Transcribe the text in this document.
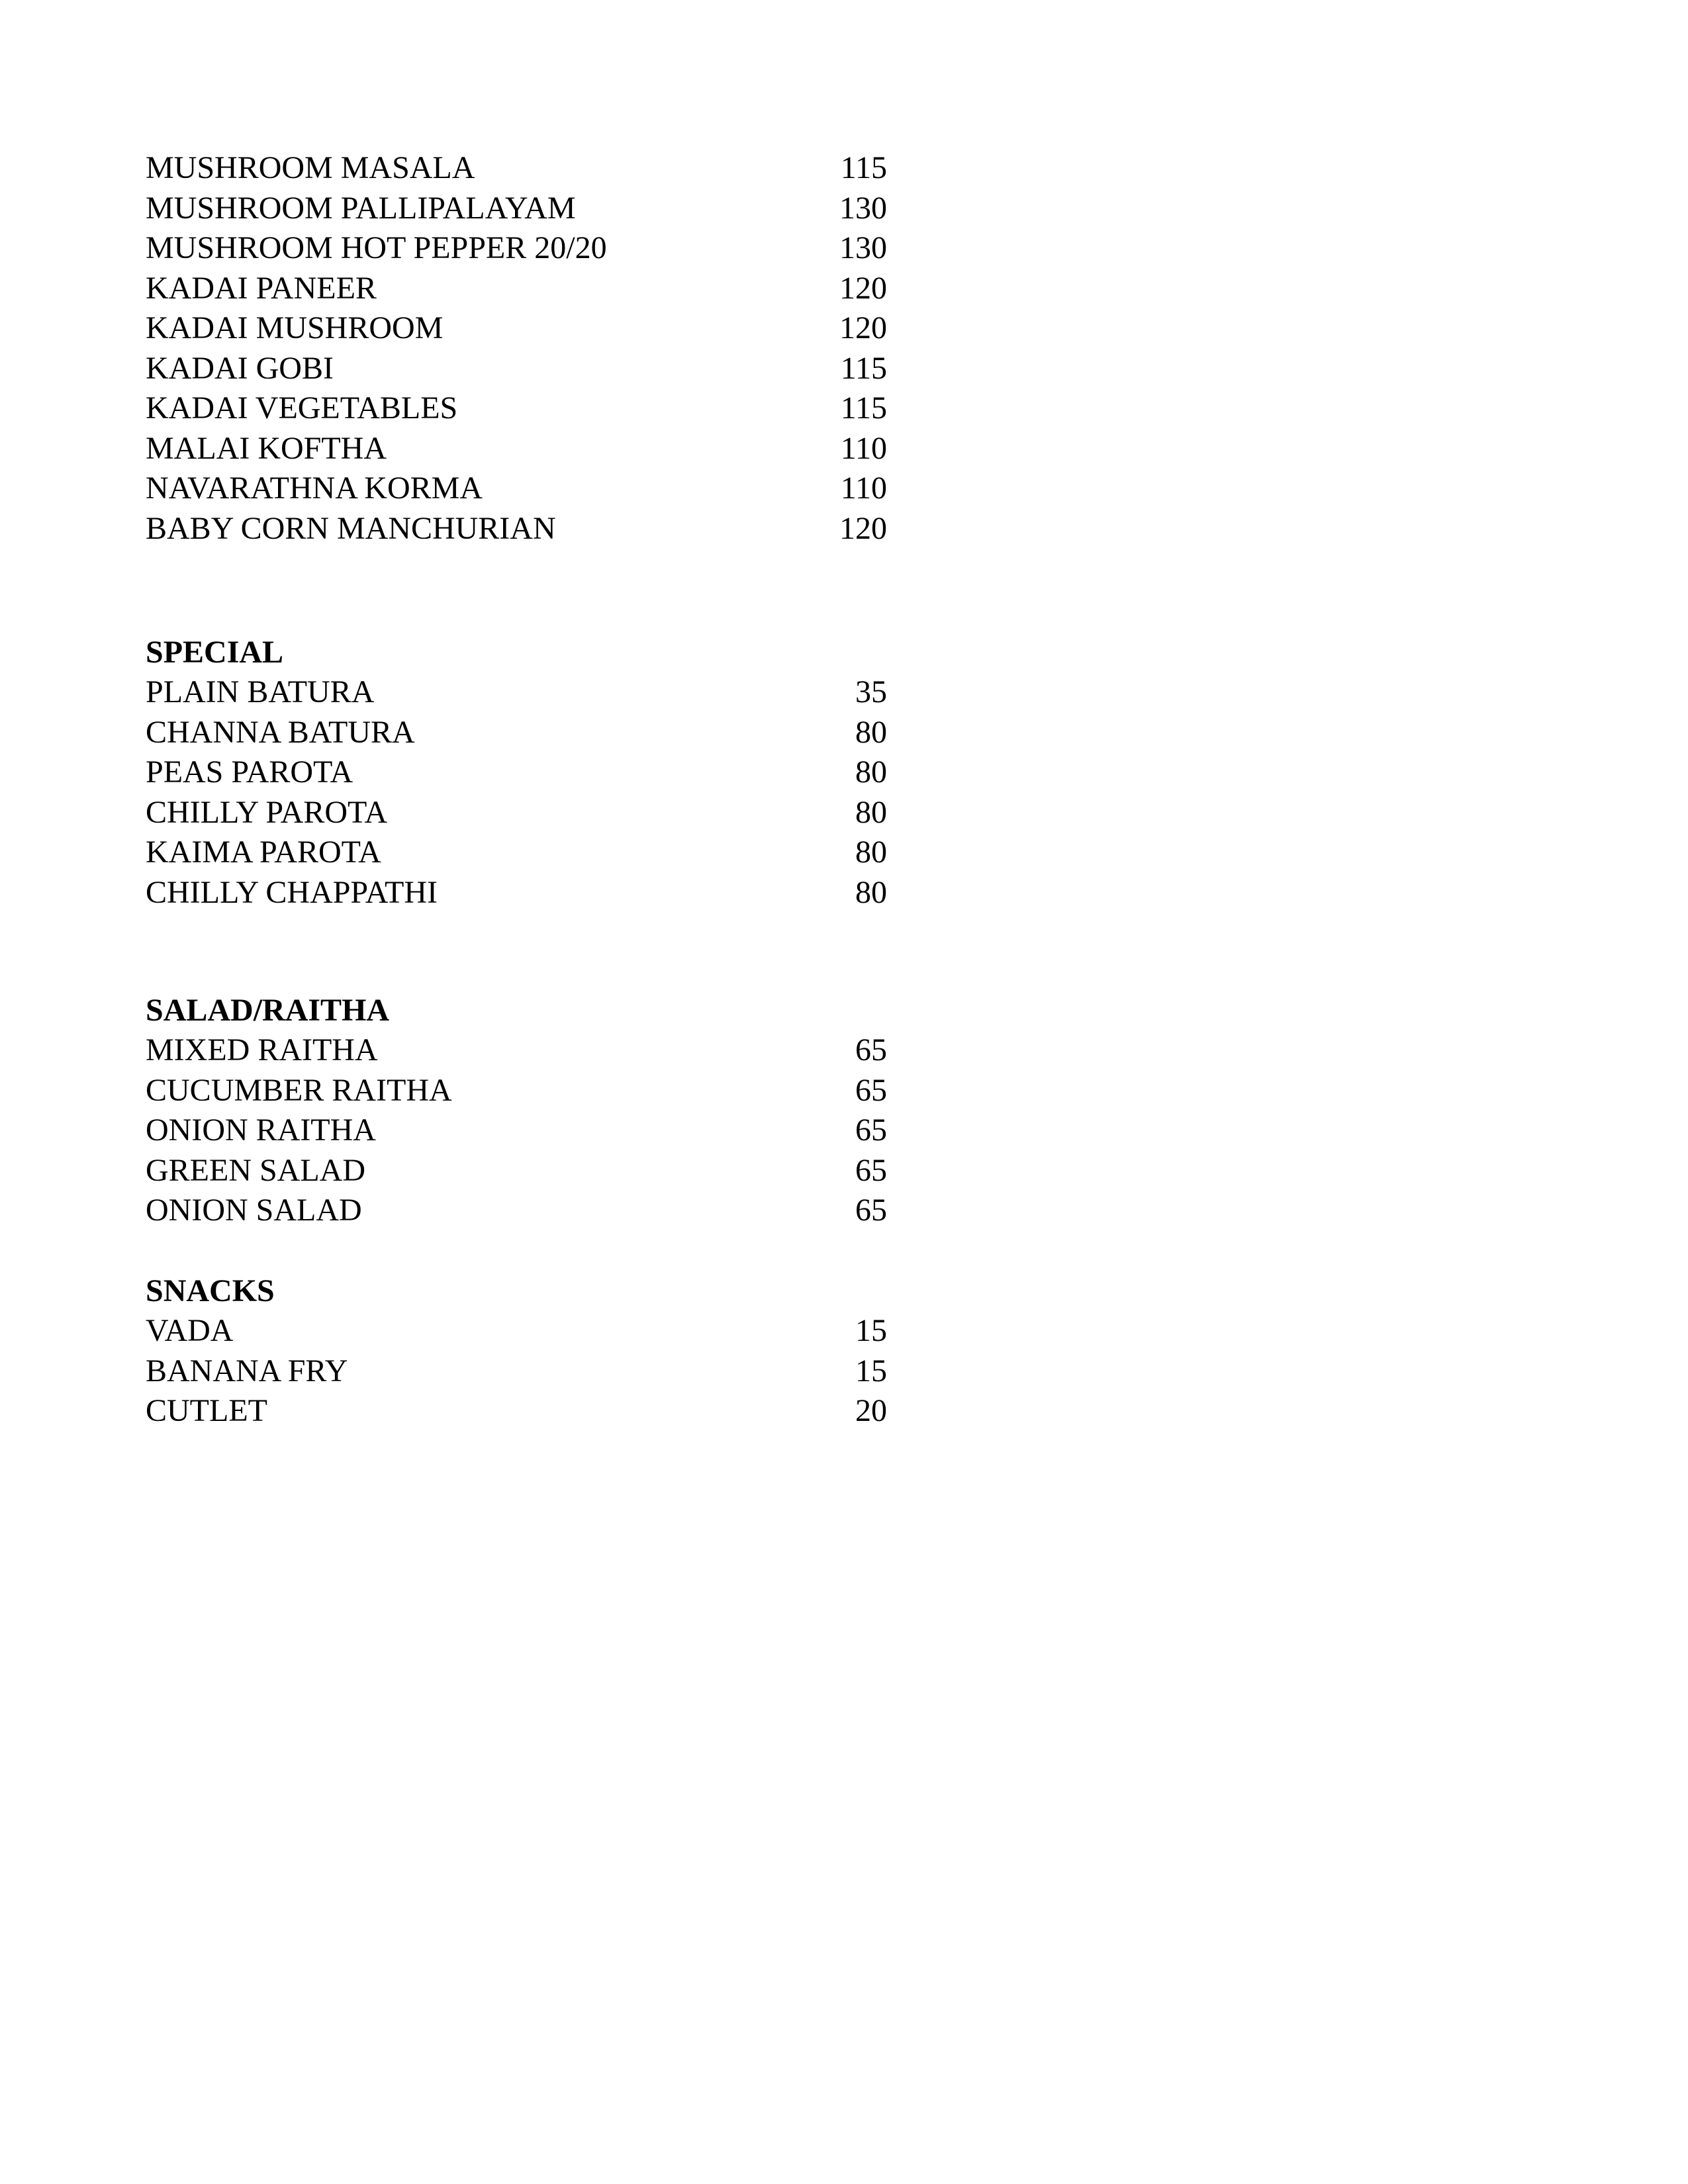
MUSHROOM MASALA	115
MUSHROOM PALLIPALAYAM	130
MUSHROOM HOT PEPPER 20/20	130
KADAI PANEER	120
KADAI MUSHROOM	120
KADAI GOBI	115
KADAI VEGETABLES	115
MALAI KOFTHA	110
NAVARATHNA KORMA	110
BABY CORN MANCHURIAN	120
SPECIAL
PLAIN BATURA	35
CHANNA BATURA	80
PEAS PAROTA	80
CHILLY PAROTA	80
KAIMA PAROTA	80
CHILLY CHAPPATHI	80
SALAD/RAITHA
MIXED RAITHA	65
CUCUMBER RAITHA	65
ONION RAITHA	65
GREEN SALAD	65
ONION SALAD	65
SNACKS
VADA	15
BANANA FRY	15
CUTLET	20
